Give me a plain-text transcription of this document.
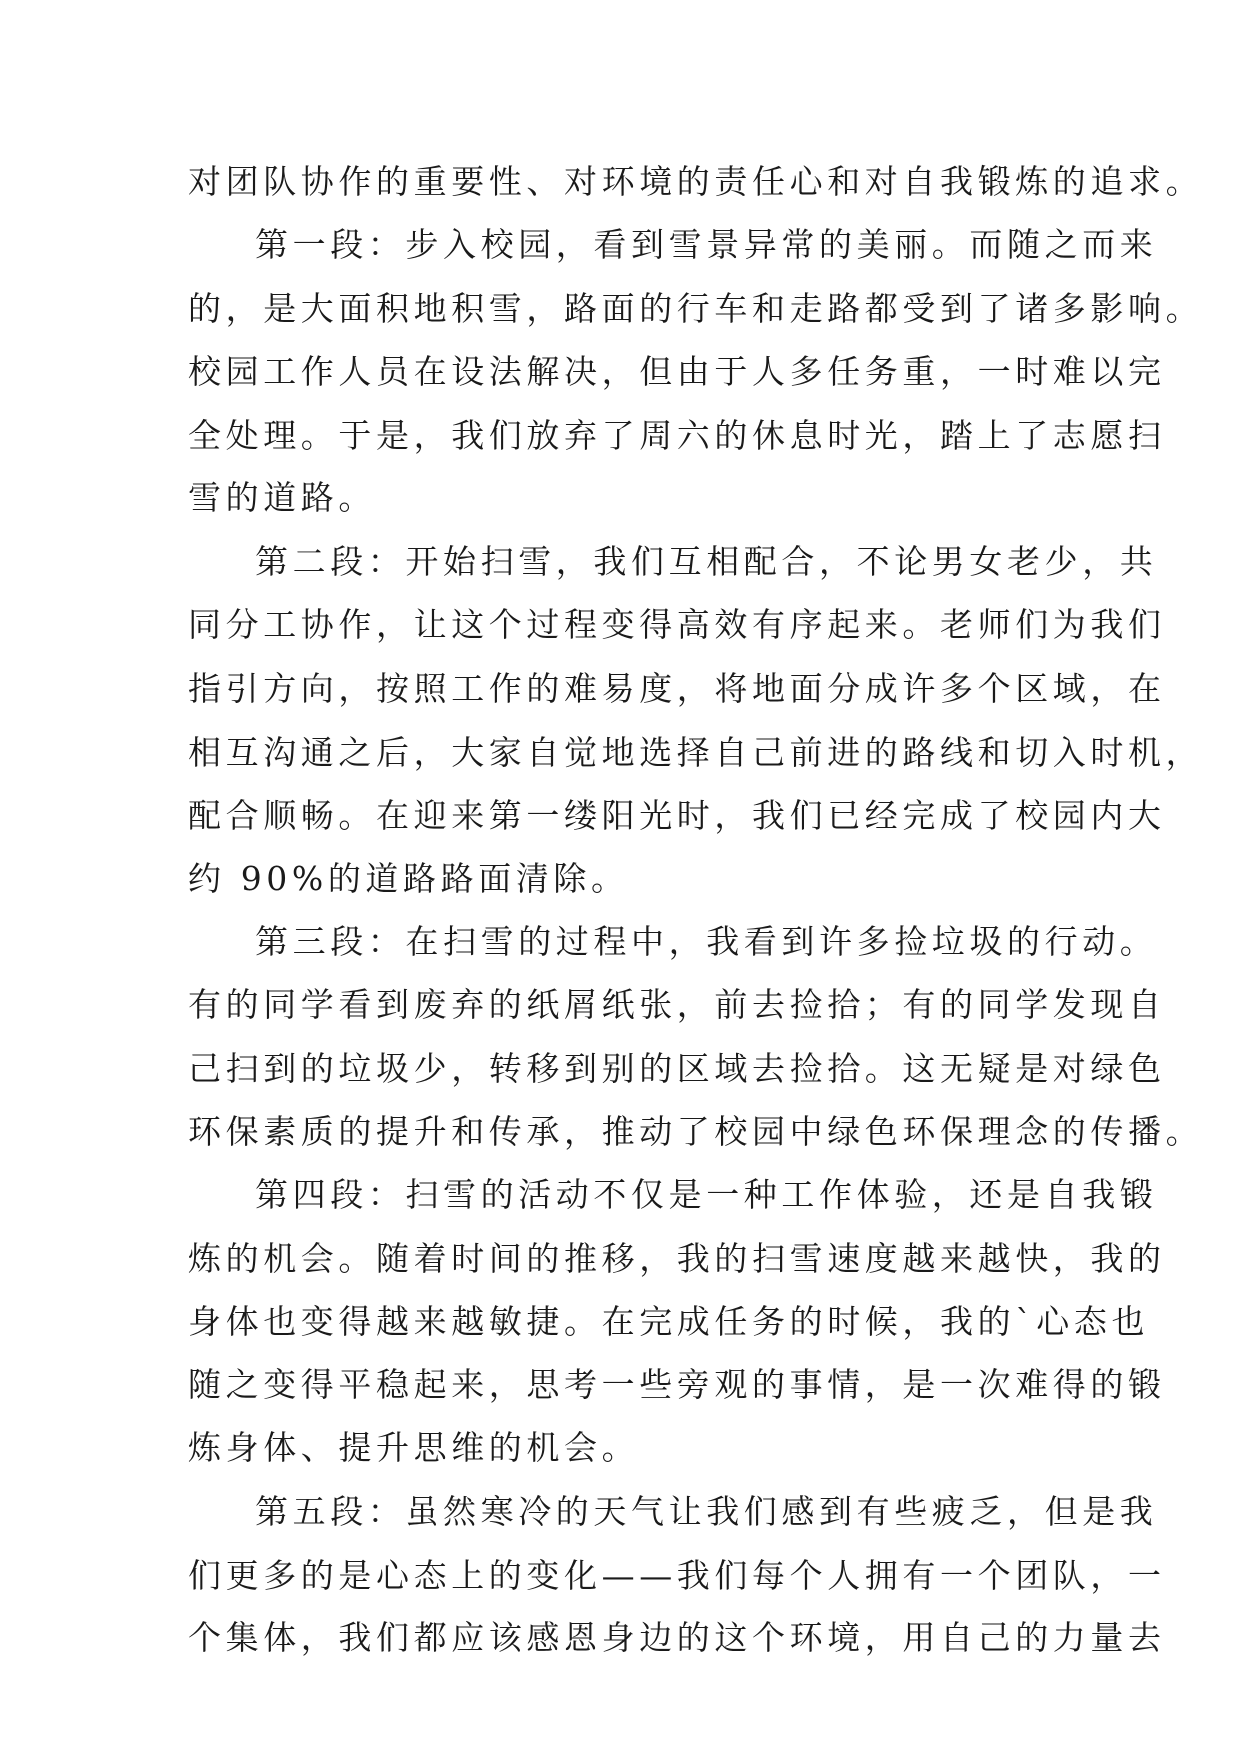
对团队协作的重要性、对环境的责任心和对自我锻炼的追求。
第一段：步入校园，看到雪景异常的美丽。而随之而来
的，是大面积地积雪，路面的行车和走路都受到了诸多影响。
校园工作人员在设法解决，但由于人多任务重，一时难以完
全处理。于是，我们放弃了周六的休息时光，踏上了志愿扫
雪的道路。
第二段：开始扫雪，我们互相配合，不论男女老少，共
同分工协作，让这个过程变得高效有序起来。老师们为我们
指引方向，按照工作的难易度，将地面分成许多个区域，在
相互沟通之后，大家自觉地选择自己前进的路线和切入时机，
配合顺畅。在迎来第一缕阳光时，我们已经完成了校园内大
约 90%的道路路面清除。
第三段：在扫雪的过程中，我看到许多捡垃圾的行动。
有的同学看到废弃的纸屑纸张，前去捡拾；有的同学发现自
己扫到的垃圾少，转移到别的区域去捡拾。这无疑是对绿色
环保素质的提升和传承，推动了校园中绿色环保理念的传播。
第四段：扫雪的活动不仅是一种工作体验，还是自我锻
炼的机会。随着时间的推移，我的扫雪速度越来越快，我的
身体也变得越来越敏捷。在完成任务的时候，我的`心态也
随之变得平稳起来，思考一些旁观的事情，是一次难得的锻
炼身体、提升思维的机会。
第五段：虽然寒冷的天气让我们感到有些疲乏，但是我
们更多的是心态上的变化——我们每个人拥有一个团队，一
个集体，我们都应该感恩身边的这个环境，用自己的力量去
